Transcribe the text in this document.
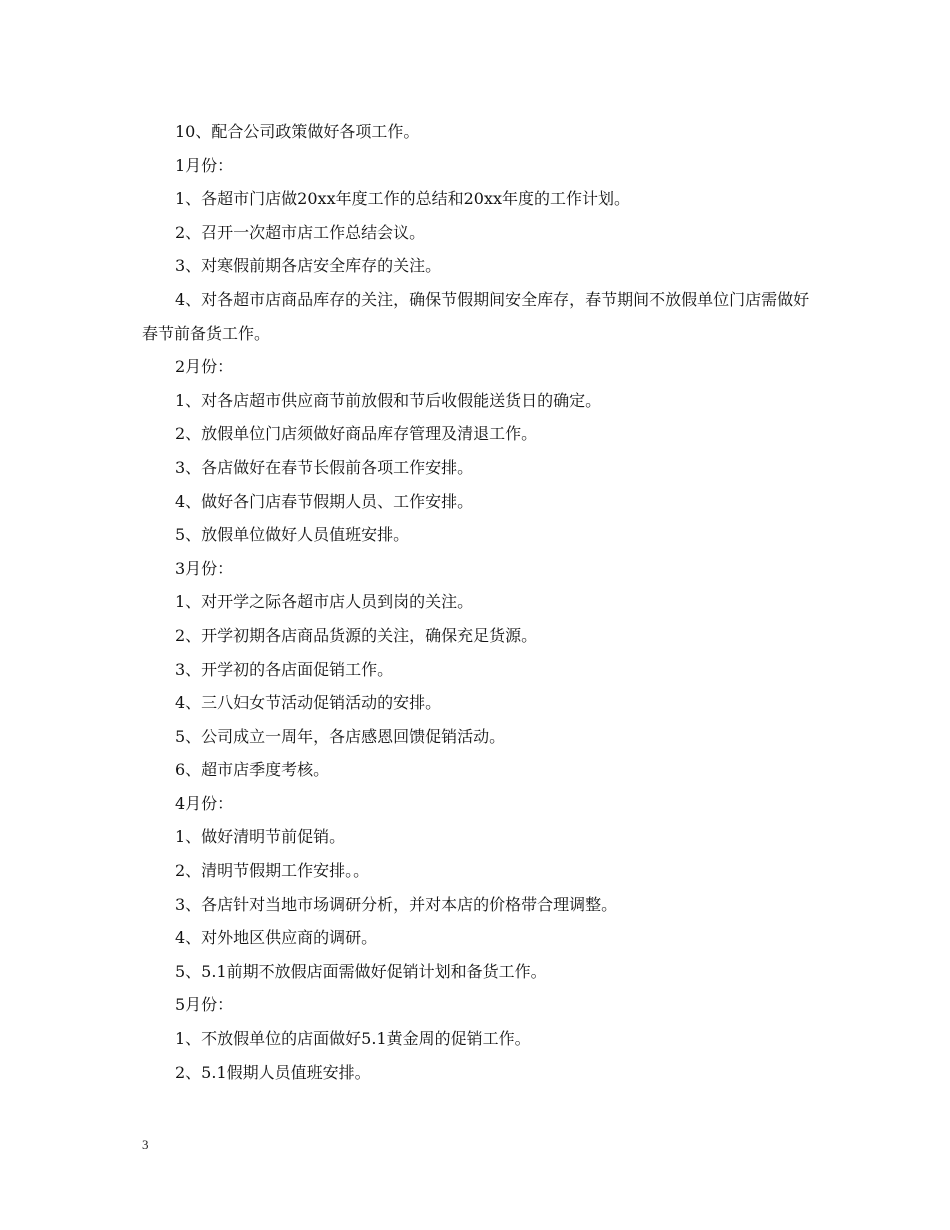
10、配合公司政策做好各项工作。

1月份：

1、各超市门店做20xx年度工作的总结和20xx年度的工作计划。

2、召开一次超市店工作总结会议。

3、对寒假前期各店安全库存的关注。

4、对各超市店商品库存的关注，确保节假期间安全库存，春节期间不放假单位门店需做好春节前备货工作。

2月份：

1、对各店超市供应商节前放假和节后收假能送货日的确定。

2、放假单位门店须做好商品库存管理及清退工作。

3、各店做好在春节长假前各项工作安排。

4、做好各门店春节假期人员、工作安排。

5、放假单位做好人员值班安排。

3月份：

1、对开学之际各超市店人员到岗的关注。

2、开学初期各店商品货源的关注，确保充足货源。

3、开学初的各店面促销工作。

4、三八妇女节活动促销活动的安排。

5、公司成立一周年，各店感恩回馈促销活动。

6、超市店季度考核。

4月份：

1、做好清明节前促销。

2、清明节假期工作安排。。

3、各店针对当地市场调研分析，并对本店的价格带合理调整。

4、对外地区供应商的调研。

5、5.1前期不放假店面需做好促销计划和备货工作。

5月份：

1、不放假单位的店面做好5.1黄金周的促销工作。

2、5.1假期人员值班安排。

3
